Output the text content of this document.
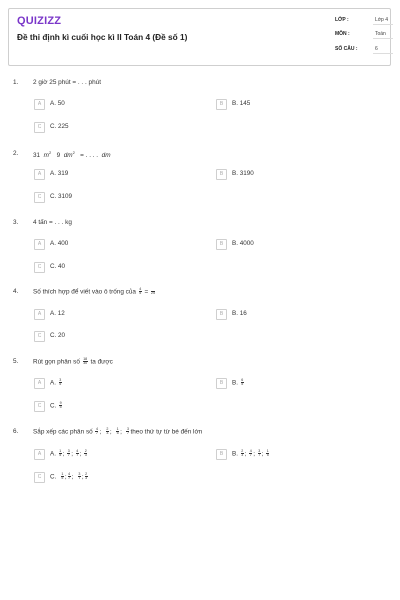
QUIZIZZ
Đề thi định kì cuối học kì II Toán 4 (Đề số 1)
LỚP :	Lớp 4
MÔN :	Toán
SỐ CÂU :	6
1. 2 giờ 25 phút = . . . phút
A	A. 50	B	B. 145
C	C. 225
2. 31 $m^2$ 9 $dm^2$ = . . . . dm
A	A. 319	B	B. 3190
C	C. 3109
3. 4 tấn = . . . kg
A	A. 400	B	B. 4000
C	C. 40
4. Số thích hợp để viết vào ô trống của $\frac{4}{5}$ =
25
A	A. 12	B	B. 16
C	C. 20
5. Rút gọn phân số $\frac{18}{30}$ ta được
A	A. $\frac{3}{5}$	B	B. $\frac{6}{5}$
C	C. $\frac{9}{5}$
6. Sắp xếp các phân số $\frac{4}{7}$ ; $\frac{2}{3}$ ; $\frac{1}{5}$ ; $\frac{3}{7}$ theo thứ tự từ bé đến lớn
A	A. $\frac{1}{5}$ ; $\frac{3}{7}$ ; $\frac{4}{7}$ ; $\frac{2}{3}$	B	B. $\frac{2}{3}$ ; $\frac{4}{7}$ ; $\frac{3}{7}$ ; $\frac{1}{5}$
C	C. $\frac{1}{5}$ ; $\frac{4}{7}$ ; $\frac{3}{7}$ ; $\frac{2}{3}$
